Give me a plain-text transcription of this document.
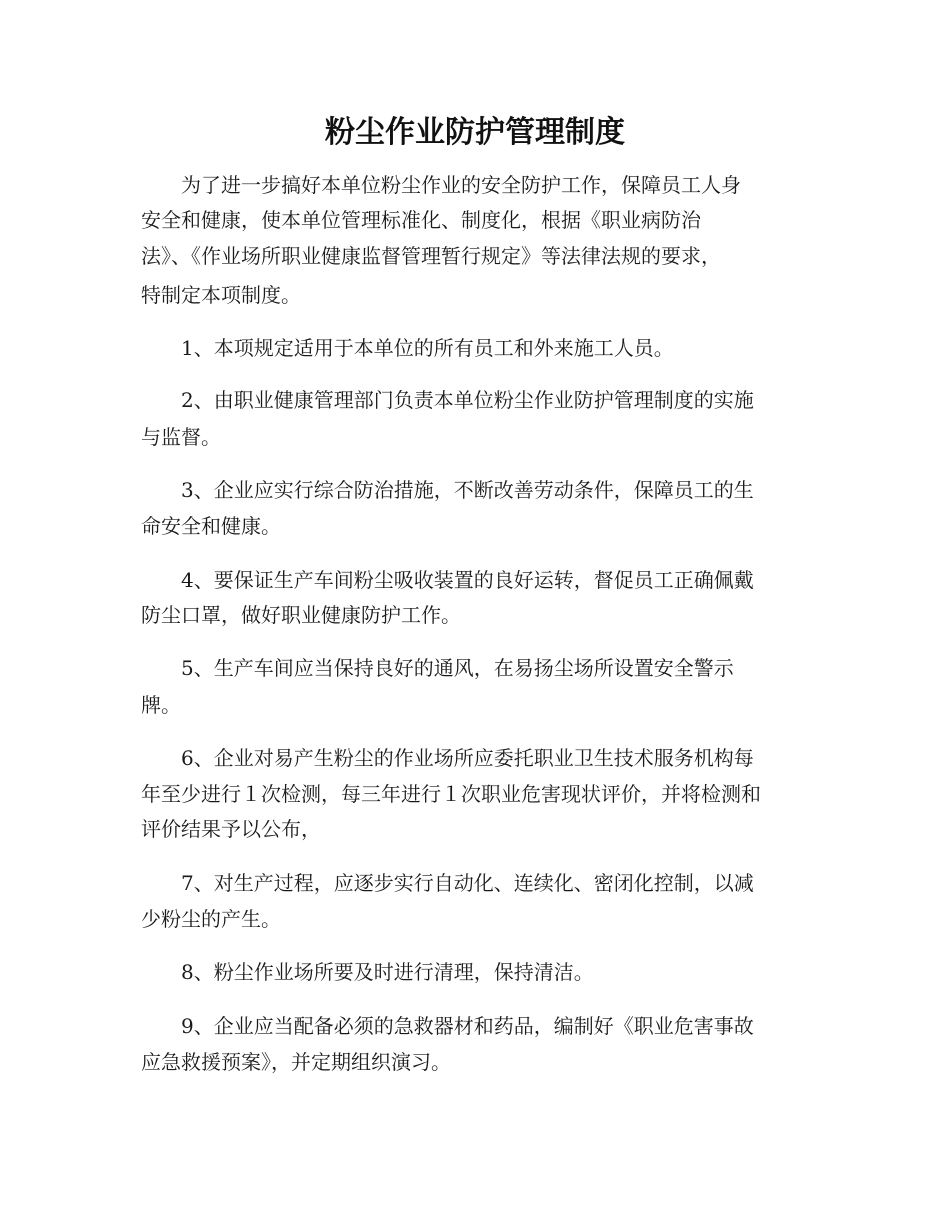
粉尘作业防护管理制度
为了进一步搞好本单位粉尘作业的安全防护工作，保障员工人身
安全和健康，使本单位管理标准化、制度化，根据《职业病防治
法》、《作业场所职业健康监督管理暂行规定》等法律法规的要求，
特制定本项制度。
1、本项规定适用于本单位的所有员工和外来施工人员。
2、由职业健康管理部门负责本单位粉尘作业防护管理制度的实施
与监督。
3、企业应实行综合防治措施，不断改善劳动条件，保障员工的生
命安全和健康。
4、要保证生产车间粉尘吸收装置的良好运转，督促员工正确佩戴
防尘口罩，做好职业健康防护工作。
5、生产车间应当保持良好的通风，在易扬尘场所设置安全警示
牌。
6、企业对易产生粉尘的作业场所应委托职业卫生技术服务机构每
年至少进行１次检测，每三年进行１次职业危害现状评价，并将检测和
评价结果予以公布，
7、对生产过程，应逐步实行自动化、连续化、密闭化控制，以减
少粉尘的产生。
8、粉尘作业场所要及时进行清理，保持清洁。
9、企业应当配备必须的急救器材和药品，编制好《职业危害事故
应急救援预案》，并定期组织演习。
